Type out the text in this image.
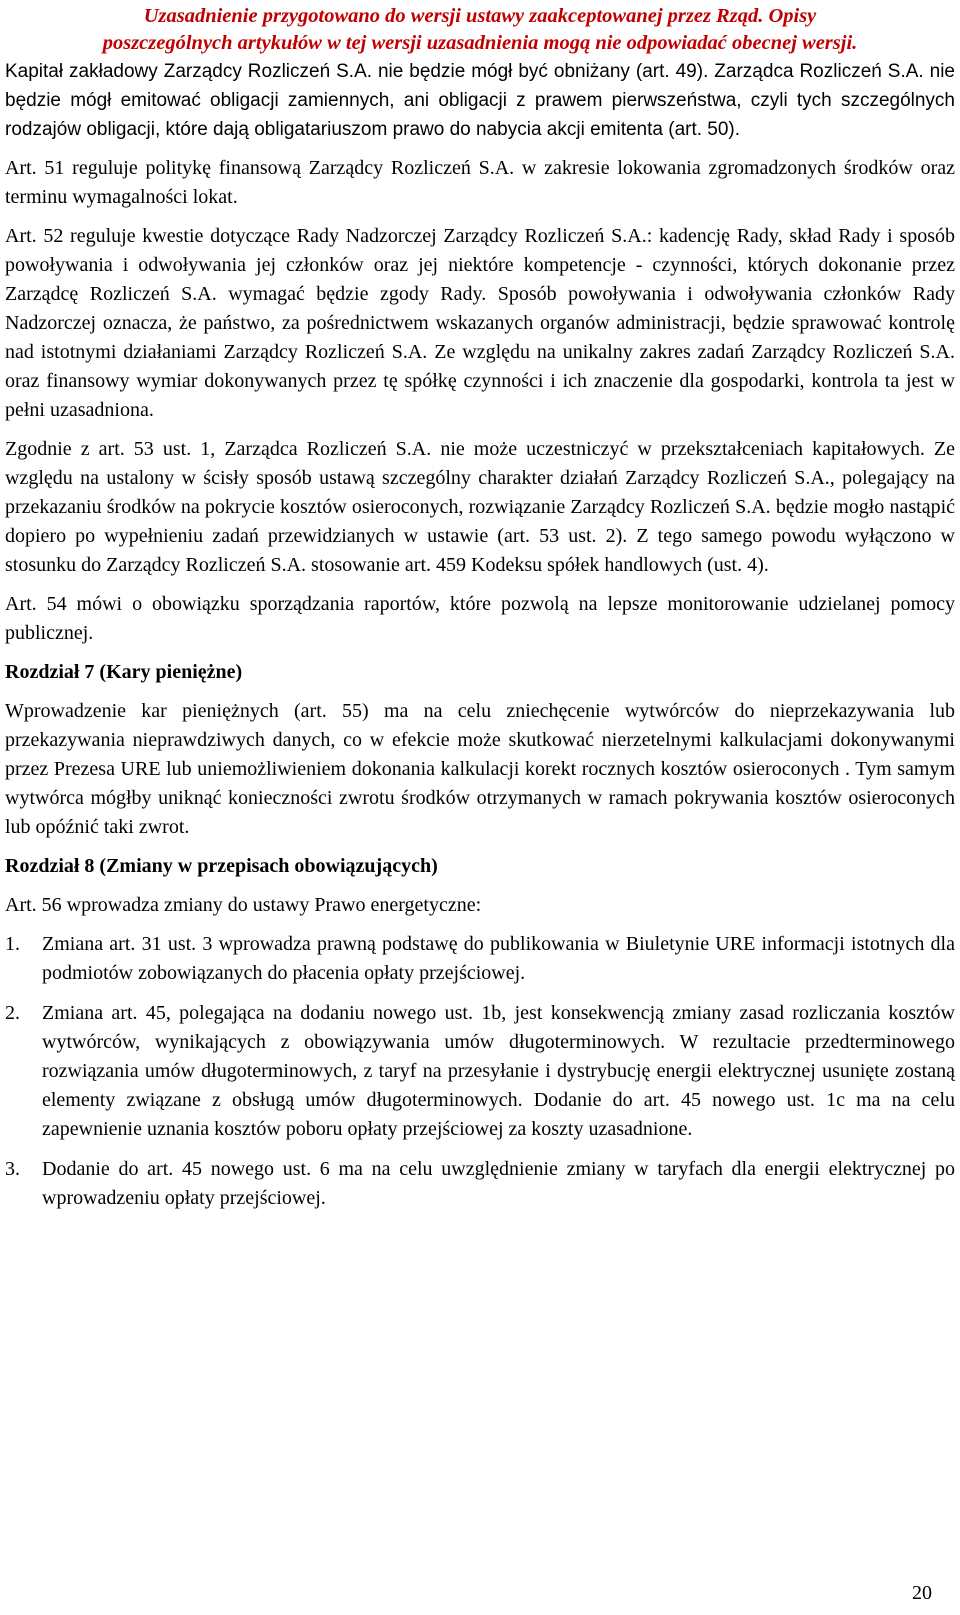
Uzasadnienie przygotowano do wersji ustawy zaakceptowanej przez Rząd. Opisy
poszczególnych artykułów w tej wersji uzasadnienia mogą nie odpowiadać obecnej wersji.

Kapitał zakładowy Zarządcy Rozliczeń S.A. nie będzie mógł być obniżany (art. 49). Zarządca Rozliczeń S.A. nie będzie mógł emitować obligacji zamiennych, ani obligacji z prawem pierwszeństwa, czyli tych szczególnych rodzajów obligacji, które dają obligatariuszom prawo do nabycia akcji emitenta (art. 50).

Art. 51 reguluje politykę finansową Zarządcy Rozliczeń S.A. w zakresie lokowania zgromadzonych środków oraz terminu wymagalności lokat.

Art. 52 reguluje kwestie dotyczące Rady Nadzorczej Zarządcy Rozliczeń S.A.: kadencję Rady, skład Rady i sposób powoływania i odwoływania jej członków oraz jej niektóre kompetencje - czynności, których dokonanie przez Zarządcę Rozliczeń S.A. wymagać będzie zgody Rady. Sposób powoływania i odwoływania członków Rady Nadzorczej oznacza, że państwo, za pośrednictwem wskazanych organów administracji, będzie sprawować kontrolę nad istotnymi działaniami Zarządcy Rozliczeń S.A. Ze względu na unikalny zakres zadań Zarządcy Rozliczeń S.A. oraz finansowy wymiar dokonywanych przez tę spółkę czynności i ich znaczenie dla gospodarki, kontrola ta jest w pełni uzasadniona.

Zgodnie z art. 53 ust. 1, Zarządca Rozliczeń S.A. nie może uczestniczyć w przekształceniach kapitałowych. Ze względu na ustalony w ścisły sposób ustawą szczególny charakter działań Zarządcy Rozliczeń S.A., polegający na przekazaniu środków na pokrycie kosztów osieroconych, rozwiązanie Zarządcy Rozliczeń S.A. będzie mogło nastąpić dopiero po wypełnieniu zadań przewidzianych w ustawie (art. 53 ust. 2). Z tego samego powodu wyłączono w stosunku do Zarządcy Rozliczeń S.A. stosowanie art. 459 Kodeksu spółek handlowych (ust. 4).

Art. 54 mówi o obowiązku sporządzania raportów, które pozwolą na lepsze monitorowanie udzielanej pomocy publicznej.

Rozdział 7 (Kary pieniężne)

Wprowadzenie kar pieniężnych (art. 55) ma na celu zniechęcenie wytwórców do nieprzekazywania lub przekazywania nieprawdziwych danych, co w efekcie może skutkować nierzetelnymi kalkulacjami dokonywanymi przez Prezesa URE lub uniemożliwieniem dokonania kalkulacji korekt rocznych kosztów osieroconych . Tym samym wytwórca mógłby uniknąć konieczności zwrotu środków otrzymanych w ramach pokrywania kosztów osieroconych lub opóźnić taki zwrot.

Rozdział 8 (Zmiany w przepisach obowiązujących)

Art. 56 wprowadza zmiany do ustawy Prawo energetyczne:

1.	Zmiana art. 31 ust. 3 wprowadza prawną podstawę do publikowania w Biuletynie URE informacji istotnych dla podmiotów zobowiązanych do płacenia opłaty przejściowej.
2.	Zmiana art. 45, polegająca na dodaniu nowego ust. 1b, jest konsekwencją zmiany zasad rozliczania kosztów wytwórców, wynikających z obowiązywania umów długoterminowych. W rezultacie przedterminowego rozwiązania umów długoterminowych, z taryf na przesyłanie i dystrybucję energii elektrycznej usunięte zostaną elementy związane z obsługą umów długoterminowych. Dodanie do art. 45 nowego ust. 1c ma na celu zapewnienie uznania kosztów poboru opłaty przejściowej za koszty uzasadnione.
3.	Dodanie do art. 45 nowego ust. 6 ma na celu uwzględnienie zmiany w taryfach dla energii elektrycznej po wprowadzeniu opłaty przejściowej.
20
